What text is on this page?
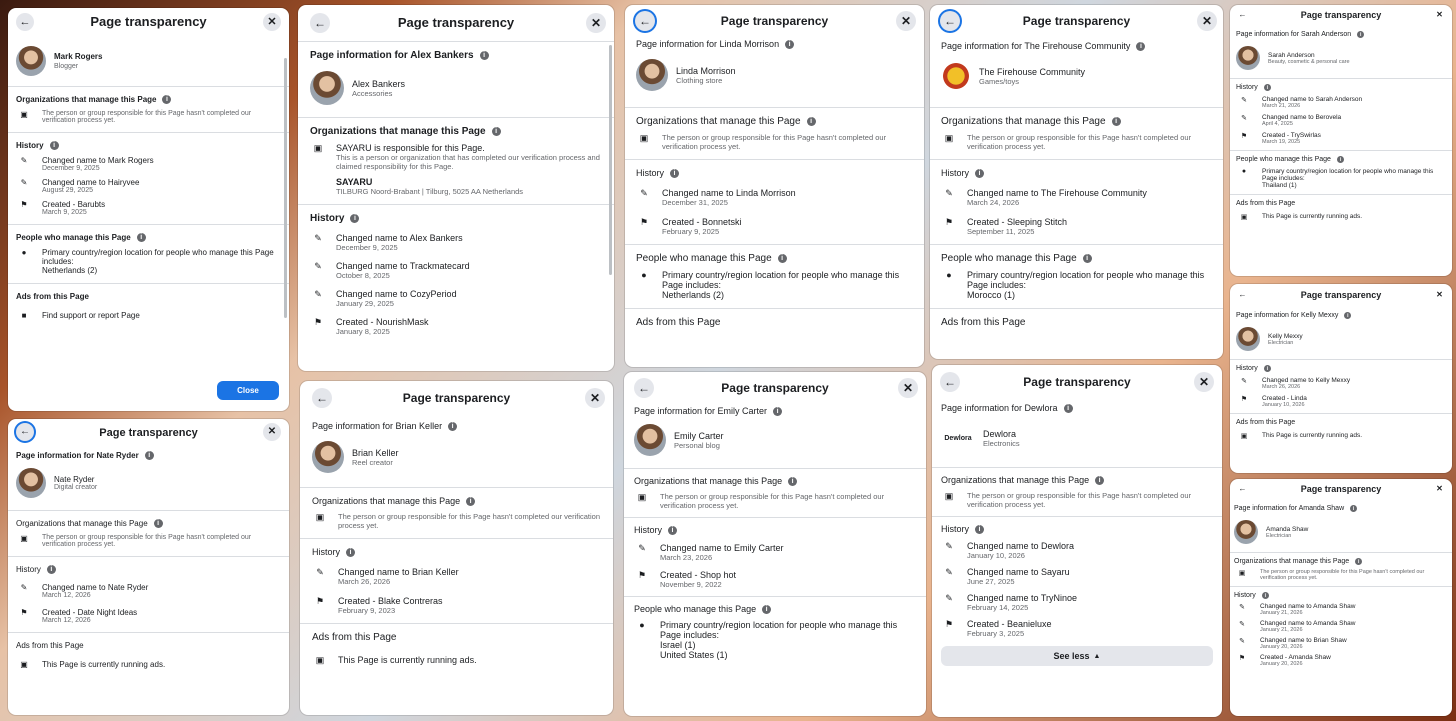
←	Page transparency	✕
Mark Rogers
Blogger
Organizations that manage this Page	i
▣	The person or group responsible for this Page hasn't completed our verification process yet.
History	i
✎	Changed name to Mark Rogers
December 9, 2025
✎	Changed name to Hairyvee
August 29, 2025
⚑	Created - Barubts
March 9, 2025
People who manage this Page	i
●	Primary country/region location for people who manage this Page includes:
Netherlands (2)
Ads from this Page
■	Find support or report Page
Close
←	Page transparency	✕
Page information for Alex Bankers	i
Alex Bankers
Accessories
Organizations that manage this Page	i
▣	SAYARU is responsible for this Page.
This is a person or organization that has completed our verification process and claimed responsibility for this Page.
SAYARU
TILBURG Noord-Brabant | Tilburg, 5025 AA Netherlands
History	i
✎	Changed name to Alex Bankers
December 9, 2025
✎	Changed name to Trackmatecard
October 8, 2025
✎	Changed name to CozyPeriod
January 29, 2025
⚑	Created - NourishMask
January 8, 2025
←	Page transparency	✕
Page information for Linda Morrison	i
Linda Morrison
Clothing store
Organizations that manage this Page	i
▣	The person or group responsible for this Page hasn't completed our verification process yet.
History	i
✎	Changed name to Linda Morrison
December 31, 2025
⚑	Created - Bonnetski
February 9, 2025
People who manage this Page	i
●	Primary country/region location for people who manage this Page includes:
Netherlands (2)
Ads from this Page
←	Page transparency	✕
Page information for The Firehouse Community	i
The Firehouse Community
Games/toys
Organizations that manage this Page	i
▣	The person or group responsible for this Page hasn't completed our verification process yet.
History	i
✎	Changed name to The Firehouse Community
March 24, 2026
⚑	Created - Sleeping Stitch
September 11, 2025
People who manage this Page	i
●	Primary country/region location for people who manage this Page includes:
Morocco (1)
Ads from this Page
←	Page transparency	✕
Page information for Sarah Anderson	i
Sarah Anderson
Beauty, cosmetic & personal care
History	i
✎	Changed name to Sarah Anderson
March 21, 2026
✎	Changed name to Berovela
April 4, 2025
⚑	Created - TrySwirlas
March 19, 2025
People who manage this Page	i
●	Primary country/region location for people who manage this Page includes:
Thailand (1)
Ads from this Page
▣	This Page is currently running ads.
←	Page transparency	✕
Page information for Kelly Mexxy	i
Kelly Mexxy
Electrician
History	i
✎	Changed name to Kelly Mexxy
March 26, 2026
⚑	Created - Linda
January 10, 2026
Ads from this Page
▣	This Page is currently running ads.
←	Page transparency	✕
Page information for Nate Ryder	i
Nate Ryder
Digital creator
Organizations that manage this Page	i
▣	The person or group responsible for this Page hasn't completed our verification process yet.
History	i
✎	Changed name to Nate Ryder
March 12, 2026
⚑	Created - Date Night Ideas
March 12, 2026
Ads from this Page
▣	This Page is currently running ads.
←	Page transparency	✕
Page information for Brian Keller	i
Brian Keller
Reel creator
Organizations that manage this Page	i
▣	The person or group responsible for this Page hasn't completed our verification process yet.
History	i
✎	Changed name to Brian Keller
March 26, 2026
⚑	Created - Blake Contreras
February 9, 2023
Ads from this Page
▣	This Page is currently running ads.
←	Page transparency	✕
Page information for Emily Carter	i
Emily Carter
Personal blog
Organizations that manage this Page	i
▣	The person or group responsible for this Page hasn't completed our verification process yet.
History	i
✎	Changed name to Emily Carter
March 23, 2026
⚑	Created - Shop hot
November 9, 2022
People who manage this Page	i
●	Primary country/region location for people who manage this Page includes:
Israel (1)
United States (1)
←	Page transparency	✕
Page information for Dewlora	i
Dewlora	Dewlora
Electronics
Organizations that manage this Page	i
▣	The person or group responsible for this Page hasn't completed our verification process yet.
History	i
✎	Changed name to Dewlora
January 10, 2026
✎	Changed name to Sayaru
June 27, 2025
✎	Changed name to TryNinoe
February 14, 2025
⚑	Created - Beanieluxe
February 3, 2025
See less ▲
←	Page transparency	✕
Page information for Amanda Shaw	i
Amanda Shaw
Electrician
Organizations that manage this Page	i
▣	The person or group responsible for this Page hasn't completed our verification process yet.
History	i
✎	Changed name to Amanda Shaw
January 21, 2026
✎	Changed name to Amanda Shaw
January 21, 2026
✎	Changed name to Brian Shaw
January 20, 2026
⚑	Created - Amanda Shaw
January 20, 2026
